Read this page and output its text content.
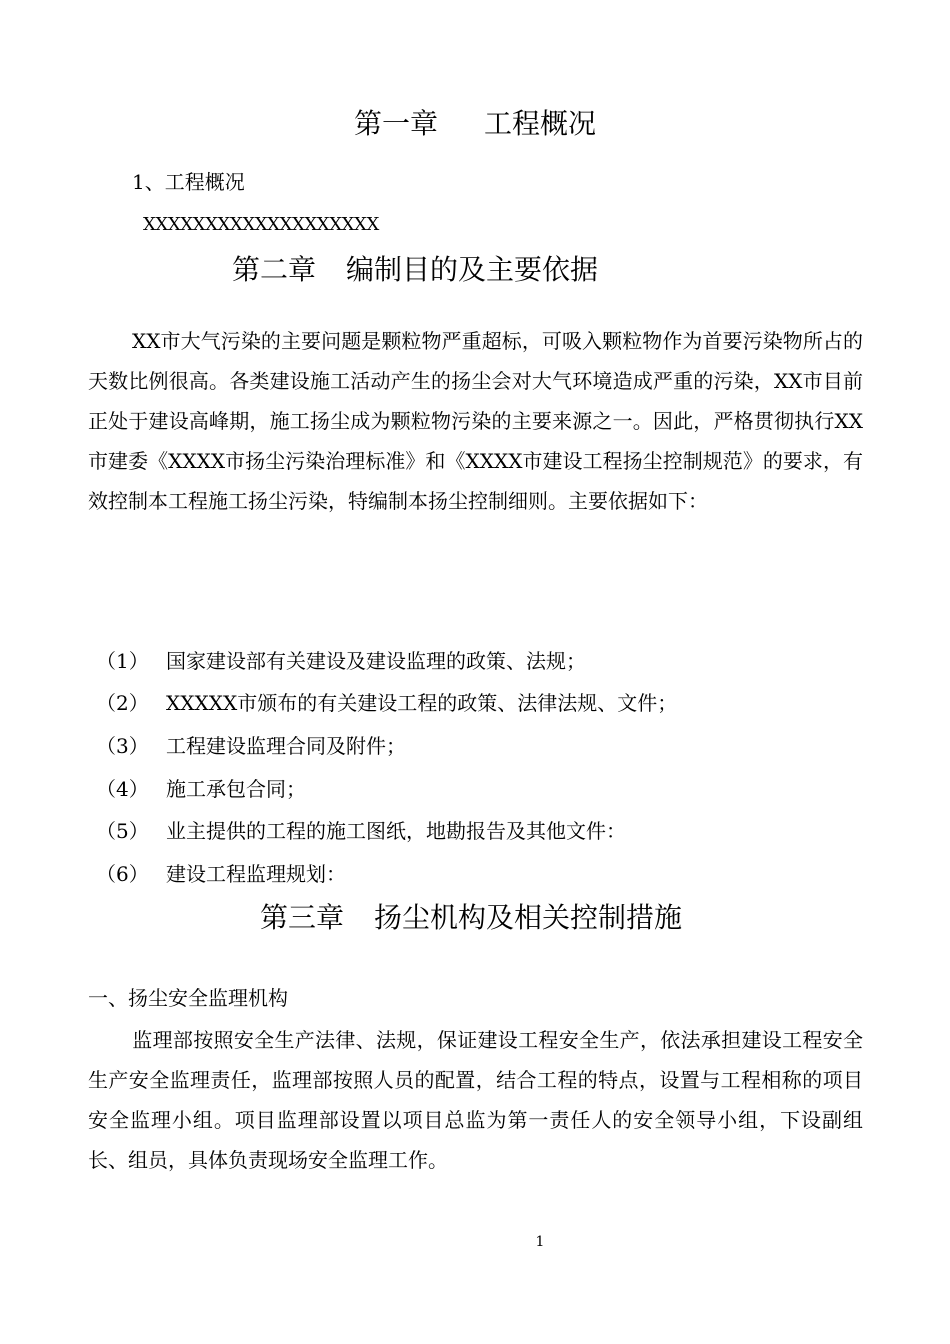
第一章 工程概况
1、工程概况
XXXXXXXXXXXXXXXXXXX
第二章 编制目的及主要依据
XX市大气污染的主要问题是颗粒物严重超标，可吸入颗粒物作为首要污染物所占的天数比例很高。各类建设施工活动产生的扬尘会对大气环境造成严重的污染，XX市目前正处于建设高峰期，施工扬尘成为颗粒物污染的主要来源之一。因此，严格贯彻执行XX市建委《XXXX市扬尘污染治理标准》和《XXXX市建设工程扬尘控制规范》的要求，有效控制本工程施工扬尘污染，特编制本扬尘控制细则。主要依据如下：
（1） 国家建设部有关建设及建设监理的政策、法规；
（2） XXXXX市颁布的有关建设工程的政策、法律法规、文件；
（3） 工程建设监理合同及附件；
（4） 施工承包合同；
（5） 业主提供的工程的施工图纸，地勘报告及其他文件：
（6） 建设工程监理规划：
第三章 扬尘机构及相关控制措施
一、扬尘安全监理机构
监理部按照安全生产法律、法规，保证建设工程安全生产，依法承担建设工程安全生产安全监理责任，监理部按照人员的配置，结合工程的特点，设置与工程相称的项目安全监理小组。项目监理部设置以项目总监为第一责任人的安全领导小组，下设副组长、组员，具体负责现场安全监理工作。
1
